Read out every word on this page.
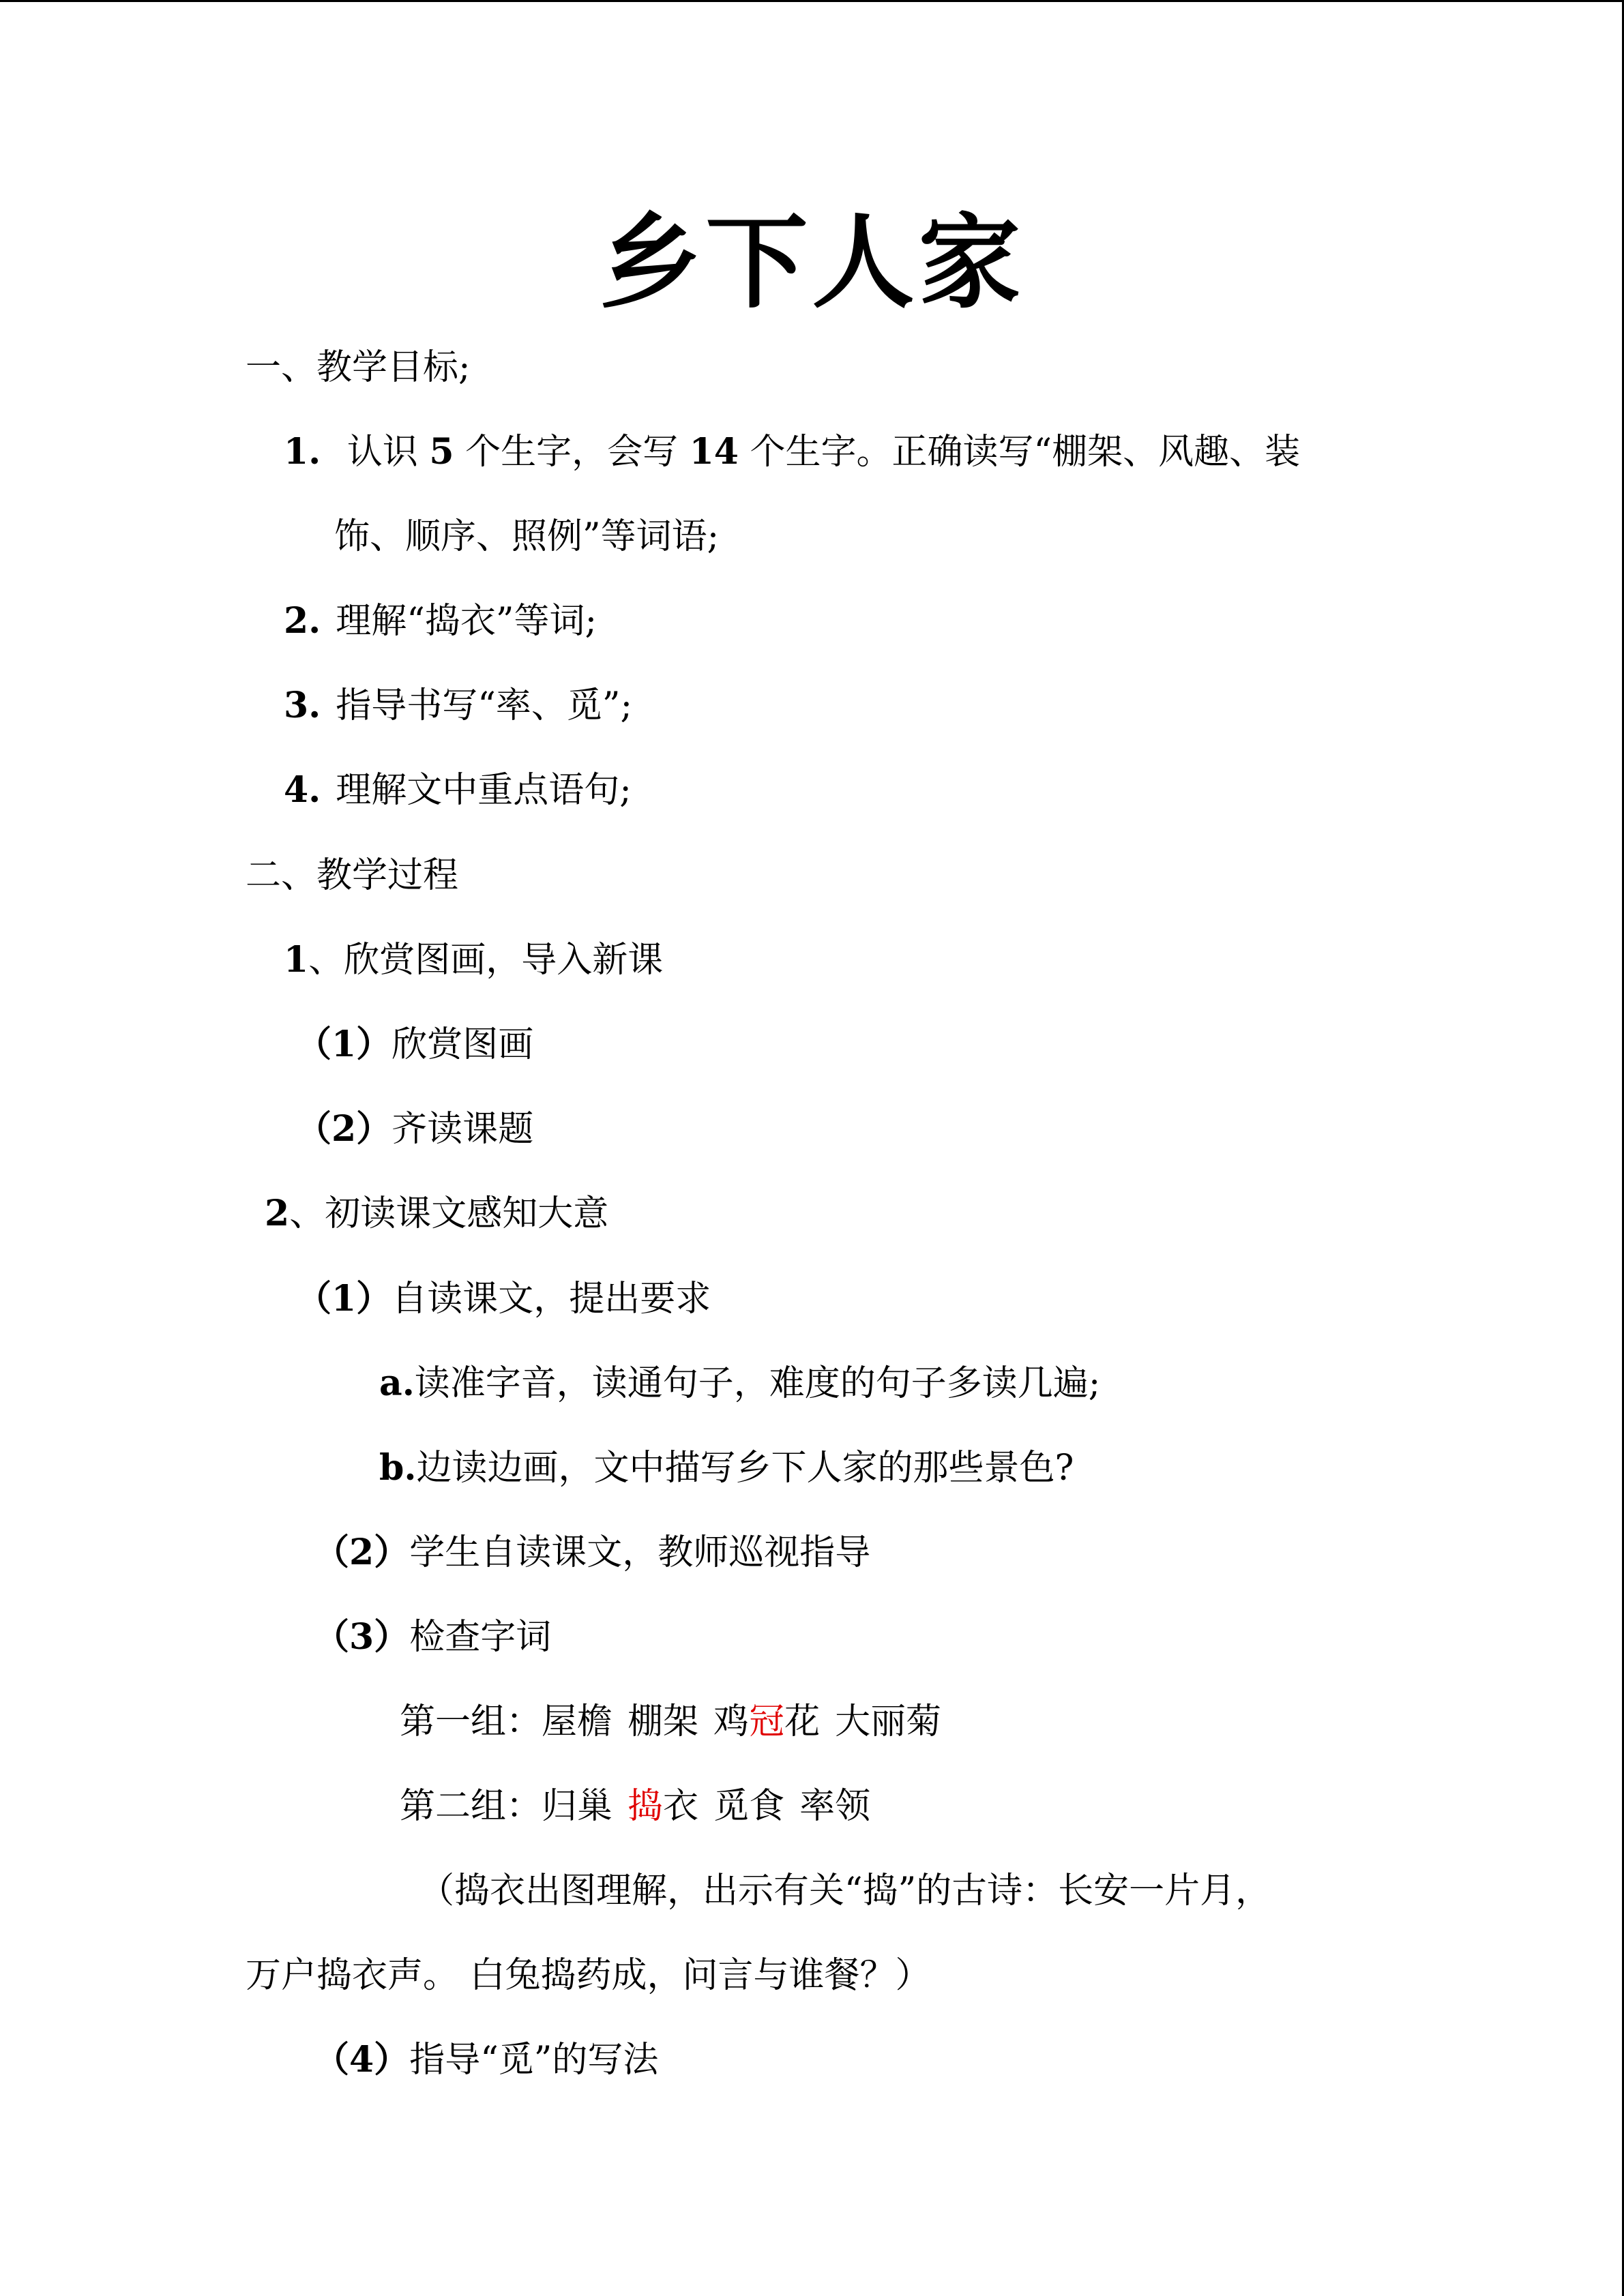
乡下人家
一、教学目标;
1. 认识 5 个生字，会写 14 个生字。正确读写“棚架、风趣、装
饰、顺序、照例”等词语;
2. 理解“捣衣”等词;
3. 指导书写“率、觅”;
4. 理解文中重点语句;
二、教学过程
1、欣赏图画，导入新课
（1）欣赏图画
（2）齐读课题
2、初读课文感知大意
（1）自读课文，提出要求
a.读准字音，读通句子，难度的句子多读几遍;
b.边读边画，文中描写乡下人家的那些景色?
（2）学生自读课文，教师巡视指导
（3）检查字词
第一组：屋檐 棚架 鸡冠花 大丽菊
第二组：归巢 捣衣 觅食 率领
（捣衣出图理解，出示有关“捣”的古诗：长安一片月，
万户捣衣声。 白兔捣药成，问言与谁餐？）
（4）指导“觅”的写法
